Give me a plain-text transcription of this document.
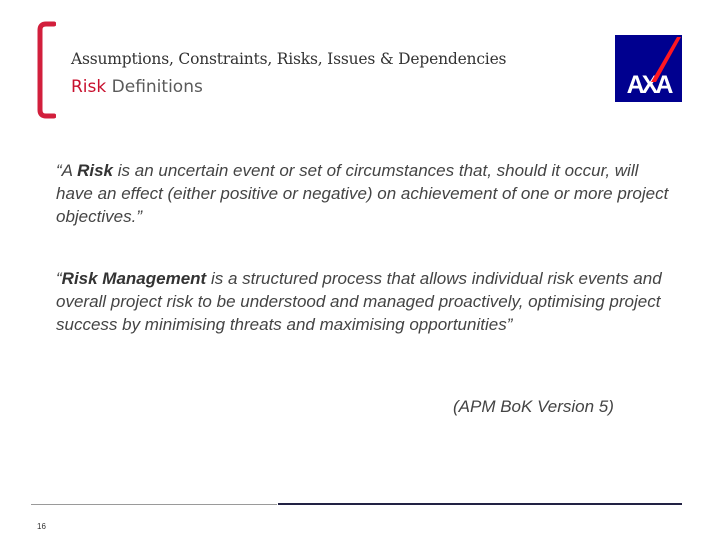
Assumptions, Constraints, Risks, Issues & Dependencies
Risk Definitions	AXA
“A Risk is an uncertain event or set of circumstances that, should it occur, will have an effect (either positive or negative) on achievement of one or more project objectives.”
“Risk Management is a structured process that allows individual risk events and overall project risk to be understood and managed proactively, optimising project success by minimising threats and maximising opportunities”
(APM BoK Version 5)
16
